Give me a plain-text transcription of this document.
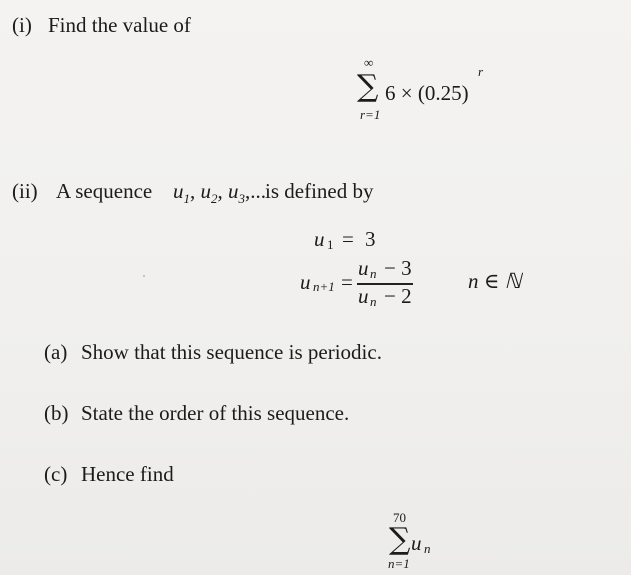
(i) Find the value of
∞
∑
r=1
6 × (0.25)
r
(ii) A sequence $u_1$, $u_2$, $u_3$,... is defined by
u 1 = 3
u n+1 =
u n − 3
u n − 2
n ∈ ℕ
(a) Show that this sequence is periodic.
(b) State the order of this sequence.
(c) Hence find
70
∑
n=1
u n
